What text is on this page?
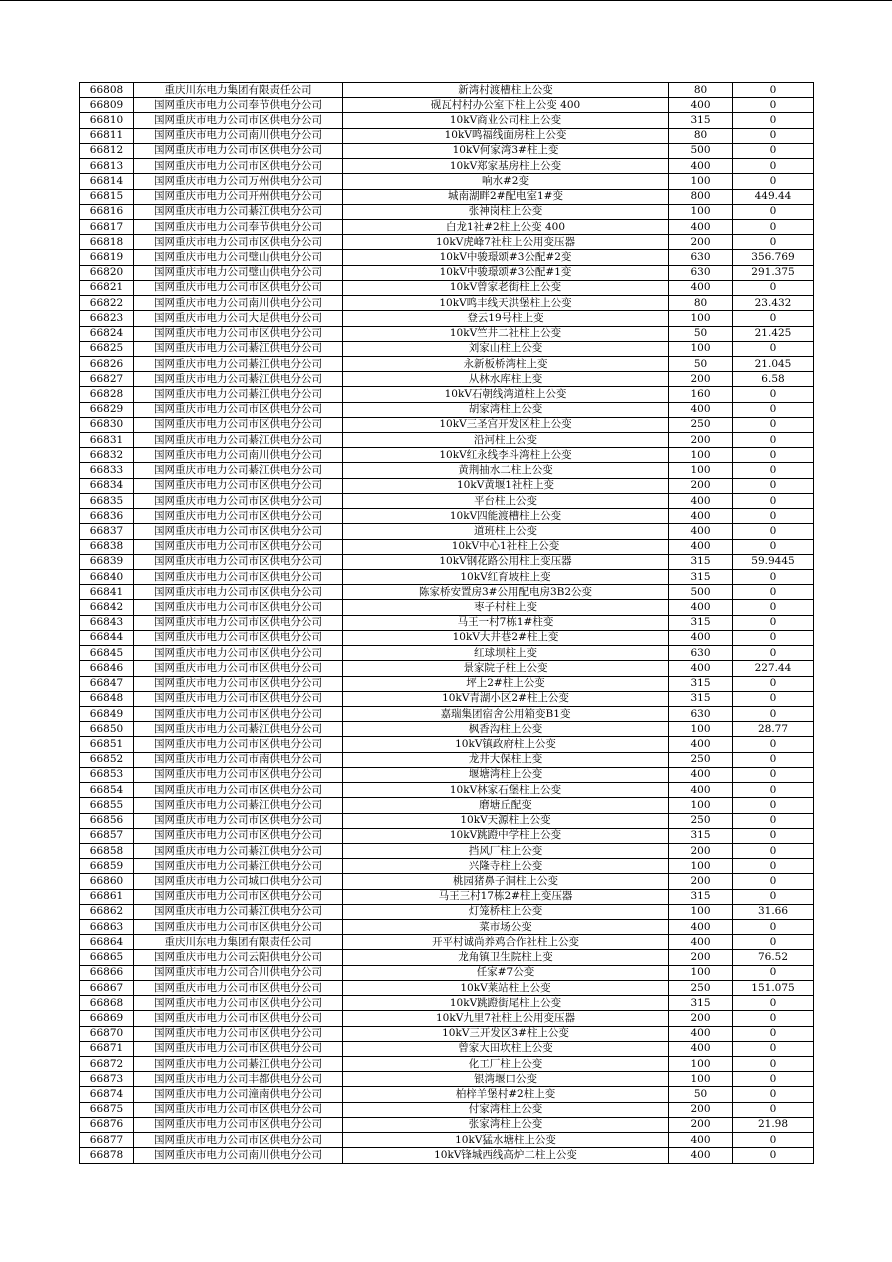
66808	重庆川东电力集团有限责任公司	新湾村渡槽柱上公变	80	0
66809	国网重庆市电力公司奉节供电分公司	砚瓦村村办公室下柱上公变 400	400	0
66810	国网重庆市电力公司市区供电分公司	10kV商业公司柱上公变	315	0
66811	国网重庆市电力公司南川供电分公司	10kV鸣福线面房柱上公变	80	0
66812	国网重庆市电力公司市区供电分公司	10kV何家湾3#柱上变	500	0
66813	国网重庆市电力公司市区供电分公司	10kV郑家基房柱上公变	400	0
66814	国网重庆市电力公司万州供电分公司	响水#2变	100	0
66815	国网重庆市电力公司开州供电分公司	城南湖畔2#配电室1#变	800	449.44
66816	国网重庆市电力公司綦江供电分公司	张神岗柱上公变	100	0
66817	国网重庆市电力公司奉节供电分公司	白龙1社#2柱上公变 400	400	0
66818	国网重庆市电力公司市区供电分公司	10kV虎峰7社柱上公用变压器	200	0
66819	国网重庆市电力公司璧山供电分公司	10kV中骏璟颂#3公配#2变	630	356.769
66820	国网重庆市电力公司璧山供电分公司	10kV中骏璟颂#3公配#1变	630	291.375
66821	国网重庆市电力公司市区供电分公司	10kV曾家老街柱上公变	400	0
66822	国网重庆市电力公司南川供电分公司	10kV鸣丰线天洪堡柱上公变	80	23.432
66823	国网重庆市电力公司大足供电分公司	登云19号柱上变	100	0
66824	国网重庆市电力公司市区供电分公司	10kV竺井二社柱上公变	50	21.425
66825	国网重庆市电力公司綦江供电分公司	刘家山柱上公变	100	0
66826	国网重庆市电力公司綦江供电分公司	永新板桥湾柱上变	50	21.045
66827	国网重庆市电力公司綦江供电分公司	从林水库柱上变	200	6.58
66828	国网重庆市电力公司綦江供电分公司	10kV石朝线湾道柱上公变	160	0
66829	国网重庆市电力公司市区供电分公司	胡家湾柱上公变	400	0
66830	国网重庆市电力公司市区供电分公司	10kV三圣宫开发区柱上公变	250	0
66831	国网重庆市电力公司綦江供电分公司	沿河柱上公变	200	0
66832	国网重庆市电力公司南川供电分公司	10kV红永线李斗湾柱上公变	100	0
66833	国网重庆市电力公司綦江供电分公司	黄荆抽水二柱上公变	100	0
66834	国网重庆市电力公司市区供电分公司	10kV黄堰1社柱上变	200	0
66835	国网重庆市电力公司市区供电分公司	平台柱上公变	400	0
66836	国网重庆市电力公司市区供电分公司	10kV四能渡槽柱上公变	400	0
66837	国网重庆市电力公司市区供电分公司	道班柱上公变	400	0
66838	国网重庆市电力公司市区供电分公司	10kV中心1社柱上公变	400	0
66839	国网重庆市电力公司市区供电分公司	10kV钢花路公用柱上变压器	315	59.9445
66840	国网重庆市电力公司市区供电分公司	10kV红育坡柱上变	315	0
66841	国网重庆市电力公司市区供电分公司	陈家桥安置房3#公用配电房3B2公变	500	0
66842	国网重庆市电力公司市区供电分公司	枣子村柱上变	400	0
66843	国网重庆市电力公司市区供电分公司	马王一村7栋1#柱变	315	0
66844	国网重庆市电力公司市区供电分公司	10kV大井巷2#柱上变	400	0
66845	国网重庆市电力公司市区供电分公司	红球坝柱上变	630	0
66846	国网重庆市电力公司市区供电分公司	景家院子柱上公变	400	227.44
66847	国网重庆市电力公司市区供电分公司	坪上2#柱上公变	315	0
66848	国网重庆市电力公司市区供电分公司	10kV青湖小区2#柱上公变	315	0
66849	国网重庆市电力公司市区供电分公司	嘉瑞集团宿舍公用箱变B1变	630	0
66850	国网重庆市电力公司綦江供电分公司	枫香沟柱上公变	100	28.77
66851	国网重庆市电力公司市区供电分公司	10kV镇政府柱上公变	400	0
66852	国网重庆市电力公司市南供电分公司	龙井大保柱上变	250	0
66853	国网重庆市电力公司市区供电分公司	堰塘湾柱上公变	400	0
66854	国网重庆市电力公司市区供电分公司	10kV林家石堡柱上公变	400	0
66855	国网重庆市电力公司綦江供电分公司	磨塘丘配变	100	0
66856	国网重庆市电力公司市区供电分公司	10kV天源柱上公变	250	0
66857	国网重庆市电力公司市区供电分公司	10kV跳蹬中学柱上公变	315	0
66858	国网重庆市电力公司綦江供电分公司	挡风厂柱上公变	200	0
66859	国网重庆市电力公司綦江供电分公司	兴隆寺柱上公变	100	0
66860	国网重庆市电力公司城口供电分公司	桃园猪鼻子洞柱上公变	200	0
66861	国网重庆市电力公司市区供电分公司	马王三村17栋2#柱上变压器	315	0
66862	国网重庆市电力公司綦江供电分公司	灯笼桥柱上公变	100	31.66
66863	国网重庆市电力公司市区供电分公司	菜市场公变	400	0
66864	重庆川东电力集团有限责任公司	开平村诚尚养鸡合作社柱上公变	400	0
66865	国网重庆市电力公司云阳供电分公司	龙角镇卫生院柱上变	200	76.52
66866	国网重庆市电力公司合川供电分公司	任家#7公变	100	0
66867	国网重庆市电力公司市区供电分公司	10kV莱站柱上公变	250	151.075
66868	国网重庆市电力公司市区供电分公司	10kV跳蹬街尾柱上公变	315	0
66869	国网重庆市电力公司市区供电分公司	10kV九里7社柱上公用变压器	200	0
66870	国网重庆市电力公司市区供电分公司	10kV三开发区3#柱上公变	400	0
66871	国网重庆市电力公司市区供电分公司	曾家大田坎柱上公变	400	0
66872	国网重庆市电力公司綦江供电分公司	化工厂柱上公变	100	0
66873	国网重庆市电力公司丰都供电分公司	银湾堰口公变	100	0
66874	国网重庆市电力公司潼南供电分公司	柏梓羊堡村#2柱上变	50	0
66875	国网重庆市电力公司市区供电分公司	付家湾柱上公变	200	0
66876	国网重庆市电力公司市区供电分公司	张家湾柱上公变	200	21.98
66877	国网重庆市电力公司市区供电分公司	10kV猛水塘柱上公变	400	0
66878	国网重庆市电力公司南川供电分公司	10kV锋城西线高炉二柱上公变	400	0
